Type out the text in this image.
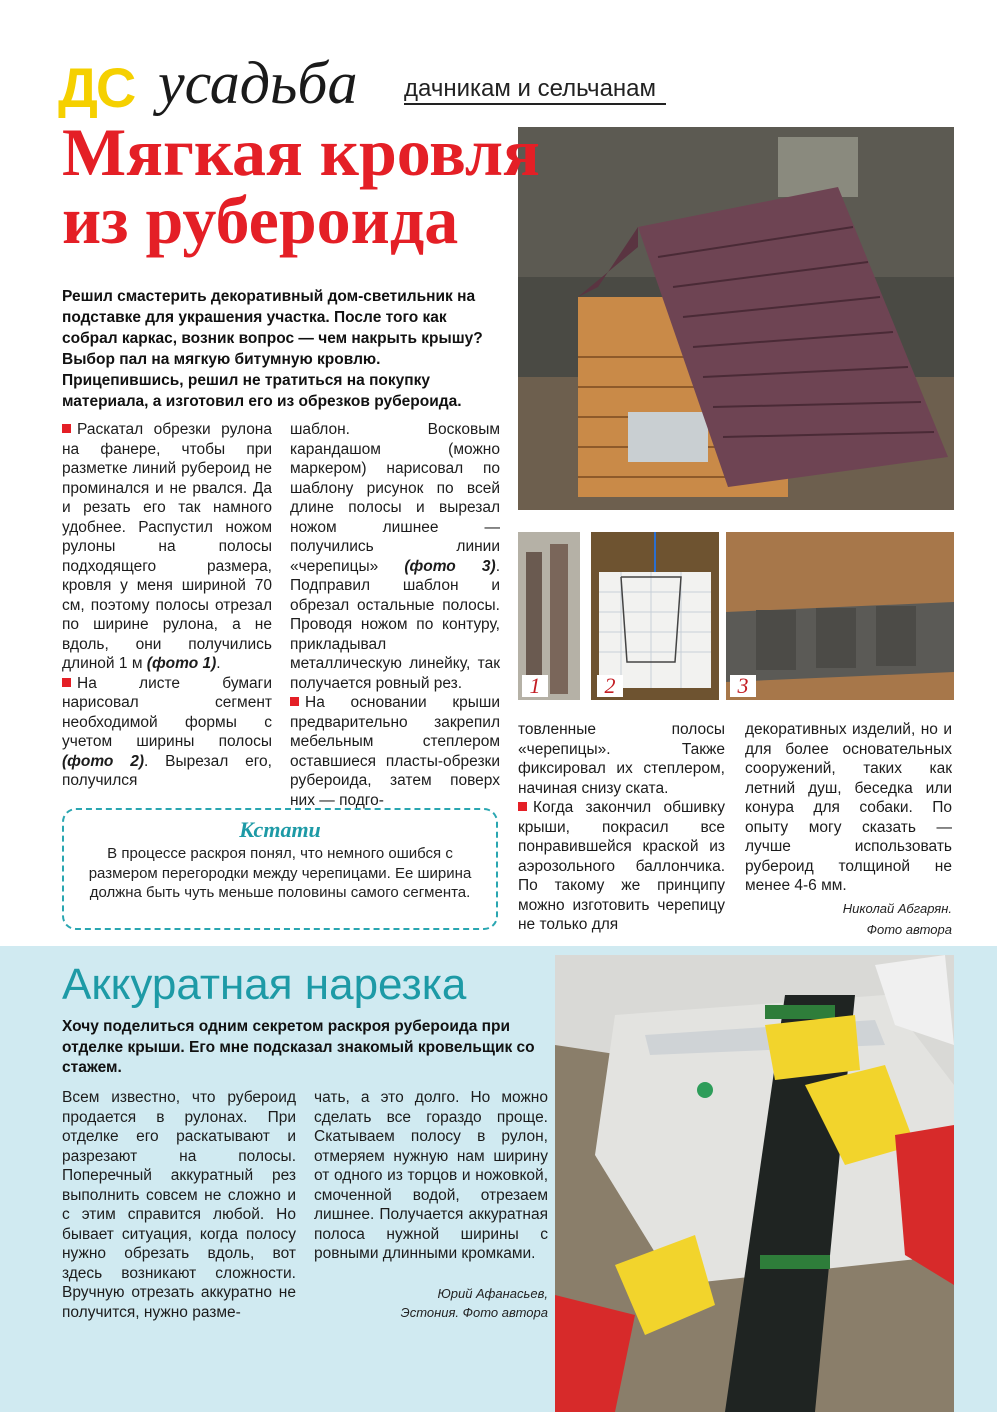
ДС усадьба дачникам и сельчанам
Мягкая кровля
из рубероида
Решил смастерить декоративный дом-светильник на подставке для украшения участка. После того как собрал каркас, возник вопрос — чем накрыть крышу? Выбор пал на мягкую битумную кровлю. Прицепившись, решил не тратиться на покупку материала, а изготовил его из обрезков рубероида.

Раскатал обрезки рулона на фанере, чтобы при разметке линий рубероид не проминался и не рвался. Да и резать его так намного удобнее. Распустил ножом рулоны на полосы подходящего размера, кровля у меня шириной 70 см, поэтому полосы отрезал по ширине рулона, а не вдоль, они получились длиной 1 м (фото 1).

На листе бумаги нарисовал сегмент необходимой формы с учетом ширины полосы (фото 2). Вырезал его, получился

шаблон. Восковым карандашом (можно маркером) нарисовал по шаблону рисунок по всей длине полосы и вырезал ножом лишнее — получились линии «черепицы» (фото 3). Подправил шаблон и обрезал остальные полосы. Проводя ножом по контуру, прикладывал металлическую линейку, так получается ровный рез.

На основании крыши предварительно закрепил мебельным степлером оставшиеся пласты-обрезки рубероида, затем поверх них — подго-

1	2	3

товленные полосы «черепицы». Также фиксировал их степлером, начиная снизу ската.

Когда закончил обшивку крыши, покрасил все понравившейся краской из аэрозольного баллончика. По такому же принципу можно изготовить черепицу не только для

декоративных изделий, но и для более основательных сооружений, таких как летний душ, беседка или конура для собаки. По опыту могу сказать — лучше использовать рубероид толщиной не менее 4-6 мм.

Николай Абгарян.
Фото автора
Кстати
В процессе раскроя понял, что немного ошибся с размером перегородки между черепицами. Ее ширина должна быть чуть меньше половины самого сегмента.
Аккуратная нарезка
Хочу поделиться одним секретом раскроя рубероида при отделке крыши. Его мне подсказал знакомый кровельщик со стажем.
Всем известно, что рубероид продается в рулонах. При отделке его раскатывают и разрезают на полосы. Поперечный аккуратный рез выполнить совсем не сложно и с этим справится любой. Но бывает ситуация, когда полосу нужно обрезать вдоль, вот здесь возникают сложности. Вручную отрезать аккуратно не получится, нужно разме-
чать, а это долго. Но можно сделать все гораздо проще. Скатываем полосу в рулон, отмеряем нужную нам ширину от одного из торцов и ножовкой, смоченной водой, отрезаем лишнее. Получается аккуратная полоса нужной ширины с ровными длинными кромками.
Юрий Афанасьев,
Эстония. Фото автора
